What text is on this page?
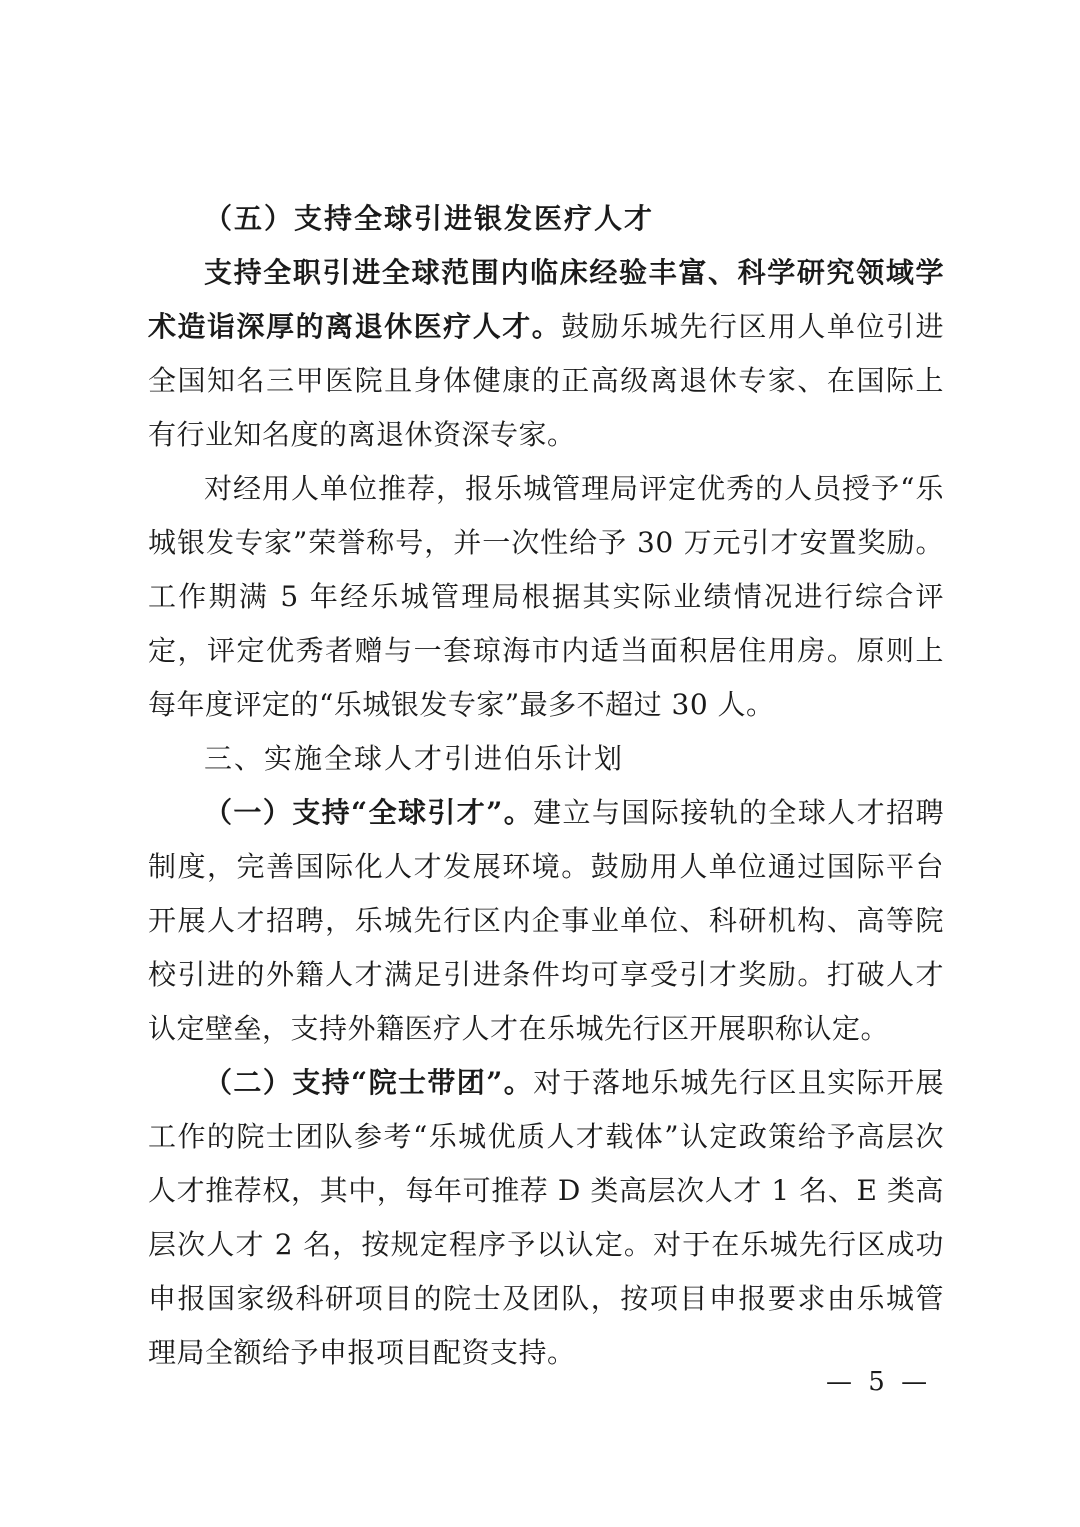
（五）支持全球引进银发医疗人才

支持全职引进全球范围内临床经验丰富、科学研究领域学术造诣深厚的离退休医疗人才。鼓励乐城先行区用人单位引进全国知名三甲医院且身体健康的正高级离退休专家、在国际上有行业知名度的离退休资深专家。

对经用人单位推荐，报乐城管理局评定优秀的人员授予“乐城银发专家”荣誉称号，并一次性给予 30 万元引才安置奖励。工作期满 5 年经乐城管理局根据其实际业绩情况进行综合评定，评定优秀者赠与一套琼海市内适当面积居住用房。原则上每年度评定的“乐城银发专家”最多不超过 30 人。

三、实施全球人才引进伯乐计划

（一）支持“全球引才”。建立与国际接轨的全球人才招聘制度，完善国际化人才发展环境。鼓励用人单位通过国际平台开展人才招聘，乐城先行区内企事业单位、科研机构、高等院校引进的外籍人才满足引进条件均可享受引才奖励。打破人才认定壁垒，支持外籍医疗人才在乐城先行区开展职称认定。

（二）支持“院士带团”。对于落地乐城先行区且实际开展工作的院士团队参考“乐城优质人才载体”认定政策给予高层次人才推荐权，其中，每年可推荐 D 类高层次人才 1 名、E 类高层次人才 2 名，按规定程序予以认定。对于在乐城先行区成功申报国家级科研项目的院士及团队，按项目申报要求由乐城管理局全额给予申报项目配资支持。

— 5 —
